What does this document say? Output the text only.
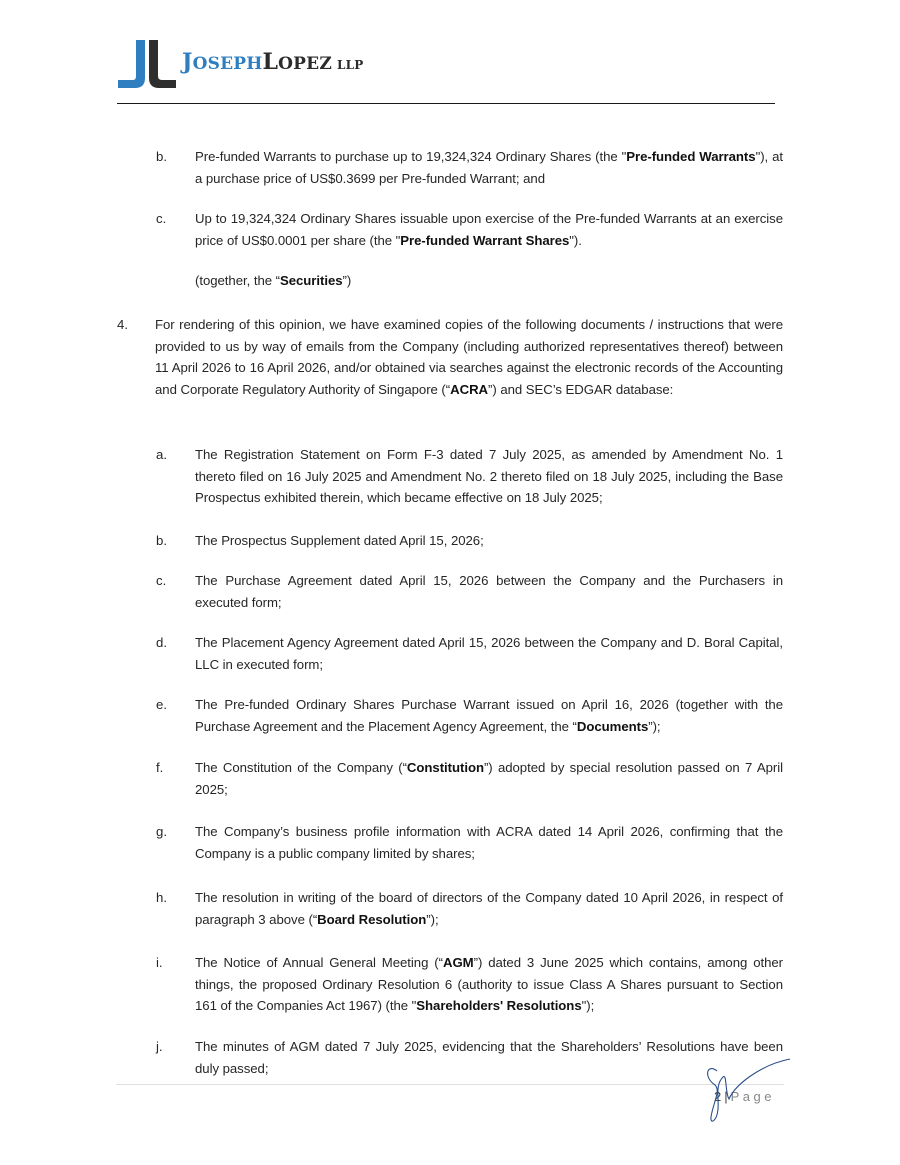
JOSEPHLOPEZ LLP
b. Pre-funded Warrants to purchase up to 19,324,324 Ordinary Shares (the "Pre-funded Warrants"), at a purchase price of US$0.3699 per Pre-funded Warrant; and
c. Up to 19,324,324 Ordinary Shares issuable upon exercise of the Pre-funded Warrants at an exercise price of US$0.0001 per share (the "Pre-funded Warrant Shares").
(together, the “Securities”)
4. For rendering of this opinion, we have examined copies of the following documents / instructions that were provided to us by way of emails from the Company (including authorized representatives thereof) between 11 April 2026 to 16 April 2026, and/or obtained via searches against the electronic records of the Accounting and Corporate Regulatory Authority of Singapore (“ACRA”) and SEC’s EDGAR database:
a. The Registration Statement on Form F-3 dated 7 July 2025, as amended by Amendment No. 1 thereto filed on 16 July 2025 and Amendment No. 2 thereto filed on 18 July 2025, including the Base Prospectus exhibited therein, which became effective on 18 July 2025;
b. The Prospectus Supplement dated April 15, 2026;
c. The Purchase Agreement dated April 15, 2026 between the Company and the Purchasers in executed form;
d. The Placement Agency Agreement dated April 15, 2026 between the Company and D. Boral Capital, LLC in executed form;
e. The Pre-funded Ordinary Shares Purchase Warrant issued on April 16, 2026 (together with the Purchase Agreement and the Placement Agency Agreement, the “Documents”);
f. The Constitution of the Company (“Constitution”) adopted by special resolution passed on 7 April 2025;
g. The Company’s business profile information with ACRA dated 14 April 2026, confirming that the Company is a public company limited by shares;
h. The resolution in writing of the board of directors of the Company dated 10 April 2026, in respect of paragraph 3 above (“Board Resolution”);
i. The Notice of Annual General Meeting (“AGM”) dated 3 June 2025 which contains, among other things, the proposed Ordinary Resolution 6 (authority to issue Class A Shares pursuant to Section 161 of the Companies Act 1967) (the "Shareholders' Resolutions");
j. The minutes of AGM dated 7 July 2025, evidencing that the Shareholders’ Resolutions have been duly passed;
2 | Page
